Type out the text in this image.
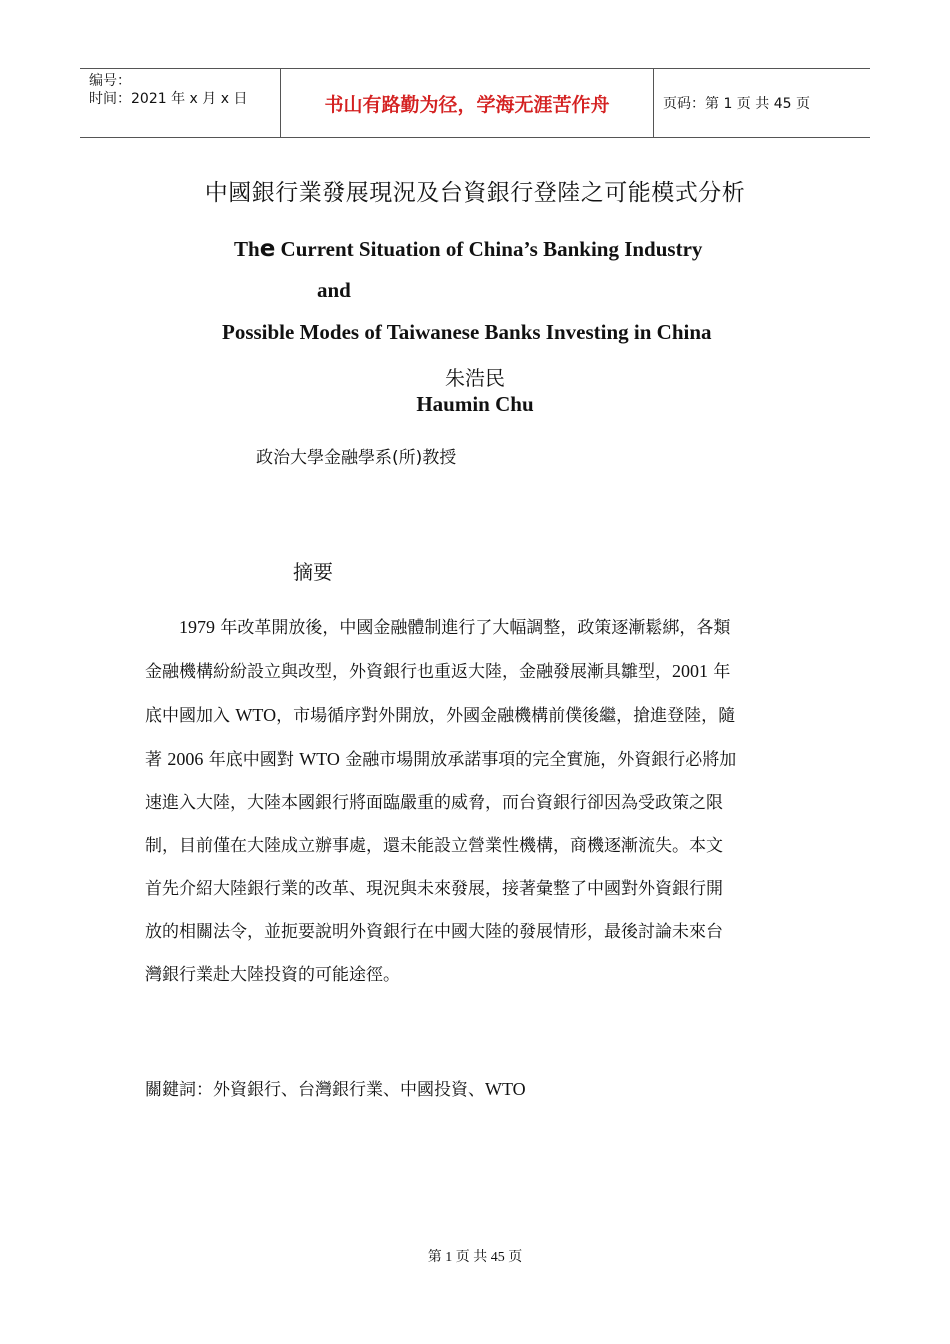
编号：
时间：2021 年 x 月 x 日	书山有路勤为径，学海无涯苦作舟	页码：第 1 页 共 45 页
中國銀行業發展現況及台資銀行登陸之可能模式分析
The Current Situation of China’s Banking Industry
and
Possible Modes of Taiwanese Banks Investing in China
朱浩民
Haumin Chu
政治大學金融學系(所)教授
摘要
　　1979 年改革開放後，中國金融體制進行了大幅調整，政策逐漸鬆綁，各類
金融機構紛紛設立與改型，外資銀行也重返大陸，金融發展漸具雛型，2001 年
底中國加入 WTO，市場循序對外開放，外國金融機構前僕後繼，搶進登陸，隨
著 2006 年底中國對 WTO 金融市場開放承諾事項的完全實施，外資銀行必將加
速進入大陸，大陸本國銀行將面臨嚴重的威脅，而台資銀行卻因為受政策之限
制，目前僅在大陸成立辦事處，還未能設立營業性機構，商機逐漸流失。本文
首先介紹大陸銀行業的改革、現況與未來發展，接著彙整了中國對外資銀行開
放的相關法令，並扼要說明外資銀行在中國大陸的發展情形，最後討論未來台
灣銀行業赴大陸投資的可能途徑。
關鍵詞：外資銀行、台灣銀行業、中國投資、WTO
第 1 页 共 45 页
